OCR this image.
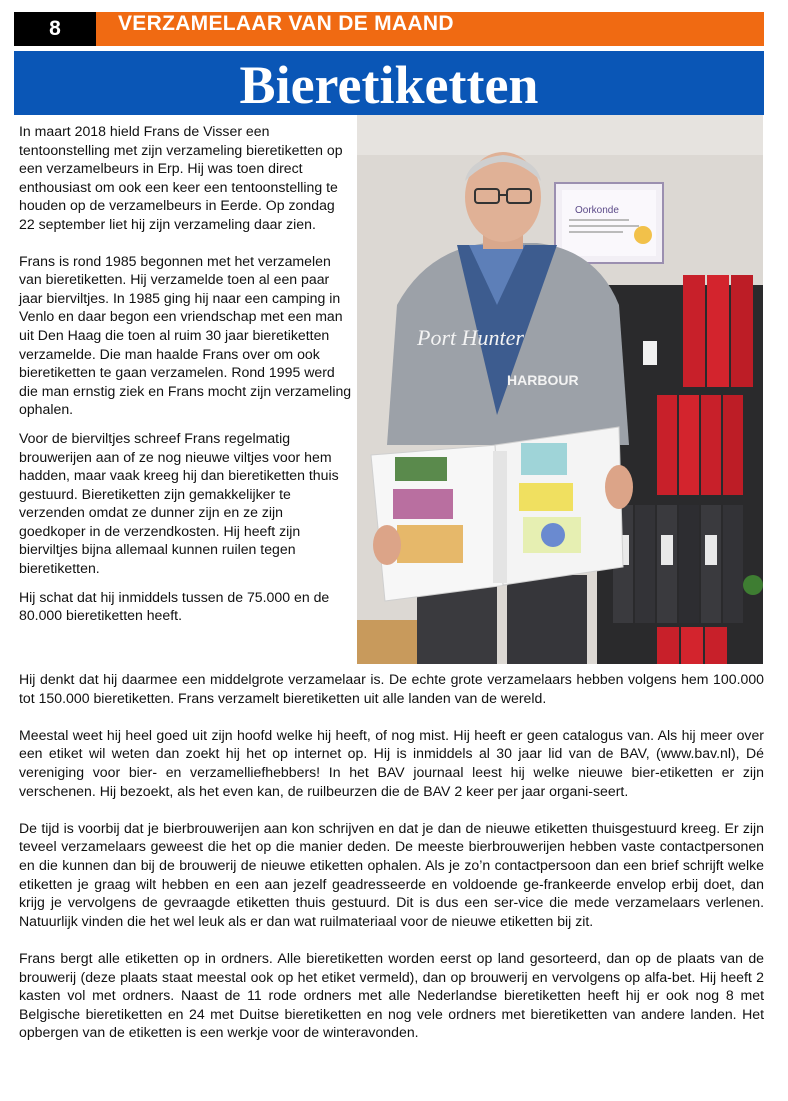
8	VERZAMELAAR VAN DE MAAND
Bieretiketten

In maart 2018 hield Frans de Visser een tentoonstelling met zijn verzameling bieretiketten op een verzamelbeurs in Erp. Hij was toen direct enthousiast om ook een keer een tentoonstelling te houden op de verzamelbeurs in Eerde. Op zondag 22 september liet hij zijn verzameling daar zien.

Frans is rond 1985 begonnen met het verzamelen van bieretiketten. Hij verzamelde toen al een paar jaar bierviltjes. In 1985 ging hij naar een camping in Venlo en daar begon een vriendschap met een man uit Den Haag die toen al ruim 30 jaar bieretiketten verzamelde. Die man haalde Frans over om ook bieretiketten te gaan verzamelen. Rond 1995 werd die man ernstig ziek en Frans mocht zijn verzameling ophalen.

Voor de bierviltjes schreef Frans regelmatig brouwerijen aan of ze nog nieuwe viltjes voor hem hadden, maar vaak kreeg hij dan bieretiketten thuis gestuurd. Bieretiketten zijn gemakkelijker te verzenden omdat ze dunner zijn en ze zijn goedkoper in de verzendkosten. Hij heeft zijn bierviltjes bijna allemaal kunnen ruilen tegen bieretiketten.

Hij schat dat hij inmiddels tussen de 75.000 en de 80.000 bieretiketten heeft.

Oorkonde
Port Hunter
HARBOUR

Hij denkt dat hij daarmee een middelgrote verzamelaar is. De echte grote verzamelaars hebben volgens hem 100.000 tot 150.000 bieretiketten. Frans verzamelt bieretiketten uit alle landen van de wereld.

Meestal weet hij heel goed uit zijn hoofd welke hij heeft, of nog mist. Hij heeft er geen catalogus van. Als hij meer over een etiket wil weten dan zoekt hij het op internet op. Hij is inmiddels al 30 jaar lid van de BAV, (www.bav.nl), Dé vereniging voor bier- en verzamelliefhebbers! In het BAV journaal leest hij welke nieuwe bier-etiketten er zijn verschenen. Hij bezoekt, als het even kan, de ruilbeurzen die de BAV 2 keer per jaar organi-seert.

De tijd is voorbij dat je bierbrouwerijen aan kon schrijven en dat je dan de nieuwe etiketten thuisgestuurd kreeg. Er zijn teveel verzamelaars geweest die het op die manier deden. De meeste bierbrouwerijen hebben vaste contactpersonen en die kunnen dan bij de brouwerij de nieuwe etiketten ophalen. Als je zo’n contactpersoon dan een brief schrijft welke etiketten je graag wilt hebben en een aan jezelf geadresseerde en voldoende ge-frankeerde envelop erbij doet, dan krijg je vervolgens de gevraagde etiketten thuis gestuurd. Dit is dus een ser-vice die mede verzamelaars verlenen. Natuurlijk vinden die het wel leuk als er dan wat ruilmateriaal voor de nieuwe etiketten bij zit.

Frans bergt alle etiketten op in ordners. Alle bieretiketten worden eerst op land gesorteerd, dan op de plaats van de brouwerij (deze plaats staat meestal ook op het etiket vermeld), dan op brouwerij en vervolgens op alfa-bet. Hij heeft 2 kasten vol met ordners. Naast de 11 rode ordners met alle Nederlandse bieretiketten heeft hij er ook nog 8 met Belgische bieretiketten en 24 met Duitse bieretiketten en nog vele ordners met bieretiketten van andere landen. Het opbergen van de etiketten is een werkje voor de winteravonden.
